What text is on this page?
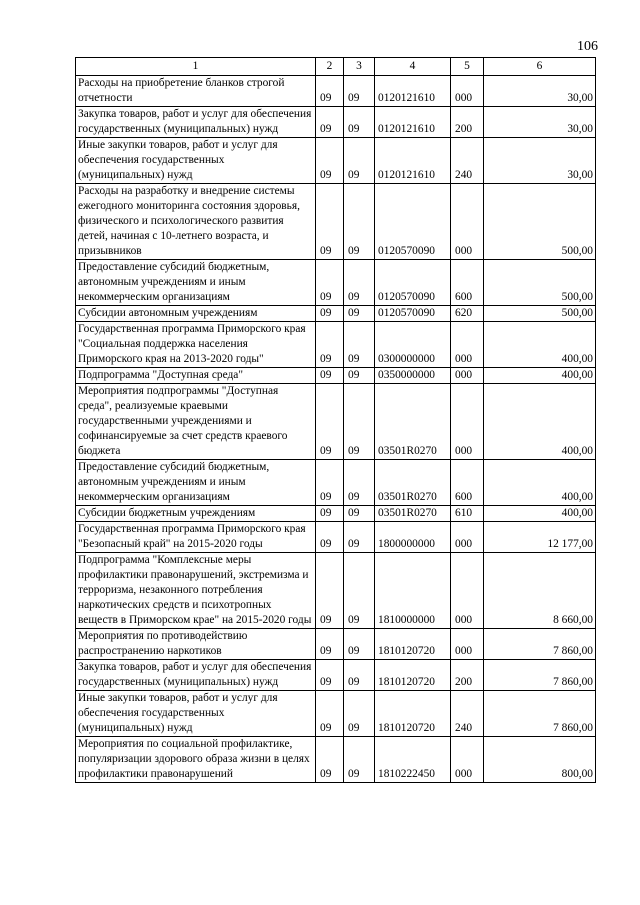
106
1	2	3	4	5	6
Расходы на приобретение бланков строгой отчетности	09	09	0120121610	000	30,00
Закупка товаров, работ и услуг для обеспечения государственных (муниципальных) нужд	09	09	0120121610	200	30,00
Иные закупки товаров, работ и услуг для обеспечения государственных (муниципальных) нужд	09	09	0120121610	240	30,00
Расходы на разработку и внедрение системы ежегодного мониторинга состояния здоровья, физического и психологического развития детей, начиная с 10-летнего возраста, и призывников	09	09	0120570090	000	500,00
Предоставление субсидий бюджетным, автономным учреждениям и иным некоммерческим организациям	09	09	0120570090	600	500,00
Субсидии автономным учреждениям	09	09	0120570090	620	500,00
Государственная программа Приморского края "Социальная поддержка населения Приморского края на 2013-2020 годы"	09	09	0300000000	000	400,00
Подпрограмма "Доступная среда"	09	09	0350000000	000	400,00
Мероприятия подпрограммы "Доступная среда", реализуемые краевыми государственными учреждениями и софинансируемые за счет средств краевого бюджета	09	09	03501R0270	000	400,00
Предоставление субсидий бюджетным, автономным учреждениям и иным некоммерческим организациям	09	09	03501R0270	600	400,00
Субсидии бюджетным учреждениям	09	09	03501R0270	610	400,00
Государственная программа Приморского края "Безопасный край" на 2015-2020 годы	09	09	1800000000	000	12 177,00
Подпрограмма "Комплексные меры профилактики правонарушений, экстремизма и терроризма, незаконного потребления наркотических средств и психотропных веществ в Приморском крае" на 2015-2020 годы	09	09	1810000000	000	8 660,00
Мероприятия по противодействию распространению наркотиков	09	09	1810120720	000	7 860,00
Закупка товаров, работ и услуг для обеспечения государственных (муниципальных) нужд	09	09	1810120720	200	7 860,00
Иные закупки товаров, работ и услуг для обеспечения государственных (муниципальных) нужд	09	09	1810120720	240	7 860,00
Мероприятия по социальной профилактике, популяризации здорового образа жизни в целях профилактики правонарушений	09	09	1810222450	000	800,00
